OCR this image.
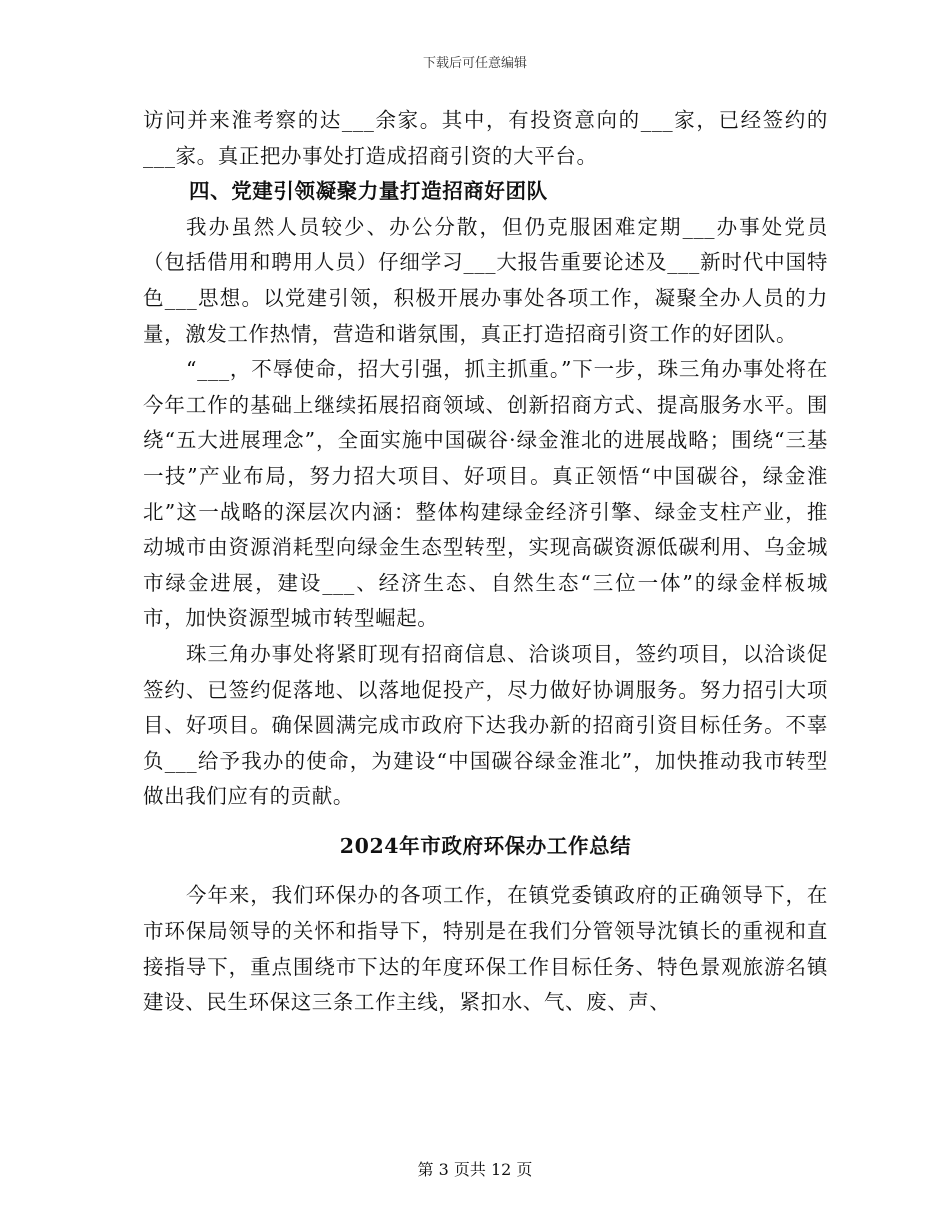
下载后可任意编辑

访问并来淮考察的达___余家。其中，有投资意向的___家，已经签约的___家。真正把办事处打造成招商引资的大平台。

四、党建引领凝聚力量打造招商好团队

我办虽然人员较少、办公分散，但仍克服困难定期___办事处党员（包括借用和聘用人员）仔细学习___大报告重要论述及___新时代中国特色___思想。以党建引领，积极开展办事处各项工作，凝聚全办人员的力量，激发工作热情，营造和谐氛围，真正打造招商引资工作的好团队。

“___，不辱使命，招大引强，抓主抓重。”下一步，珠三角办事处将在今年工作的基础上继续拓展招商领域、创新招商方式、提高服务水平。围绕“五大进展理念”，全面实施中国碳谷·绿金淮北的进展战略；围绕“三基一技”产业布局，努力招大项目、好项目。真正领悟“中国碳谷，绿金淮北”这一战略的深层次内涵：整体构建绿金经济引擎、绿金支柱产业，推动城市由资源消耗型向绿金生态型转型，实现高碳资源低碳利用、乌金城市绿金进展，建设___、经济生态、自然生态“三位一体”的绿金样板城市，加快资源型城市转型崛起。

珠三角办事处将紧盯现有招商信息、洽谈项目，签约项目，以洽谈促签约、已签约促落地、以落地促投产，尽力做好协调服务。努力招引大项目、好项目。确保圆满完成市政府下达我办新的招商引资目标任务。不辜负___给予我办的使命，为建设“中国碳谷绿金淮北”，加快推动我市转型做出我们应有的贡献。

2024年市政府环保办工作总结

今年来，我们环保办的各项工作，在镇党委镇政府的正确领导下，在市环保局领导的关怀和指导下，特别是在我们分管领导沈镇长的重视和直接指导下，重点围绕市下达的年度环保工作目标任务、特色景观旅游名镇建设、民生环保这三条工作主线，紧扣水、气、废、声、

第 3 页共 12 页
